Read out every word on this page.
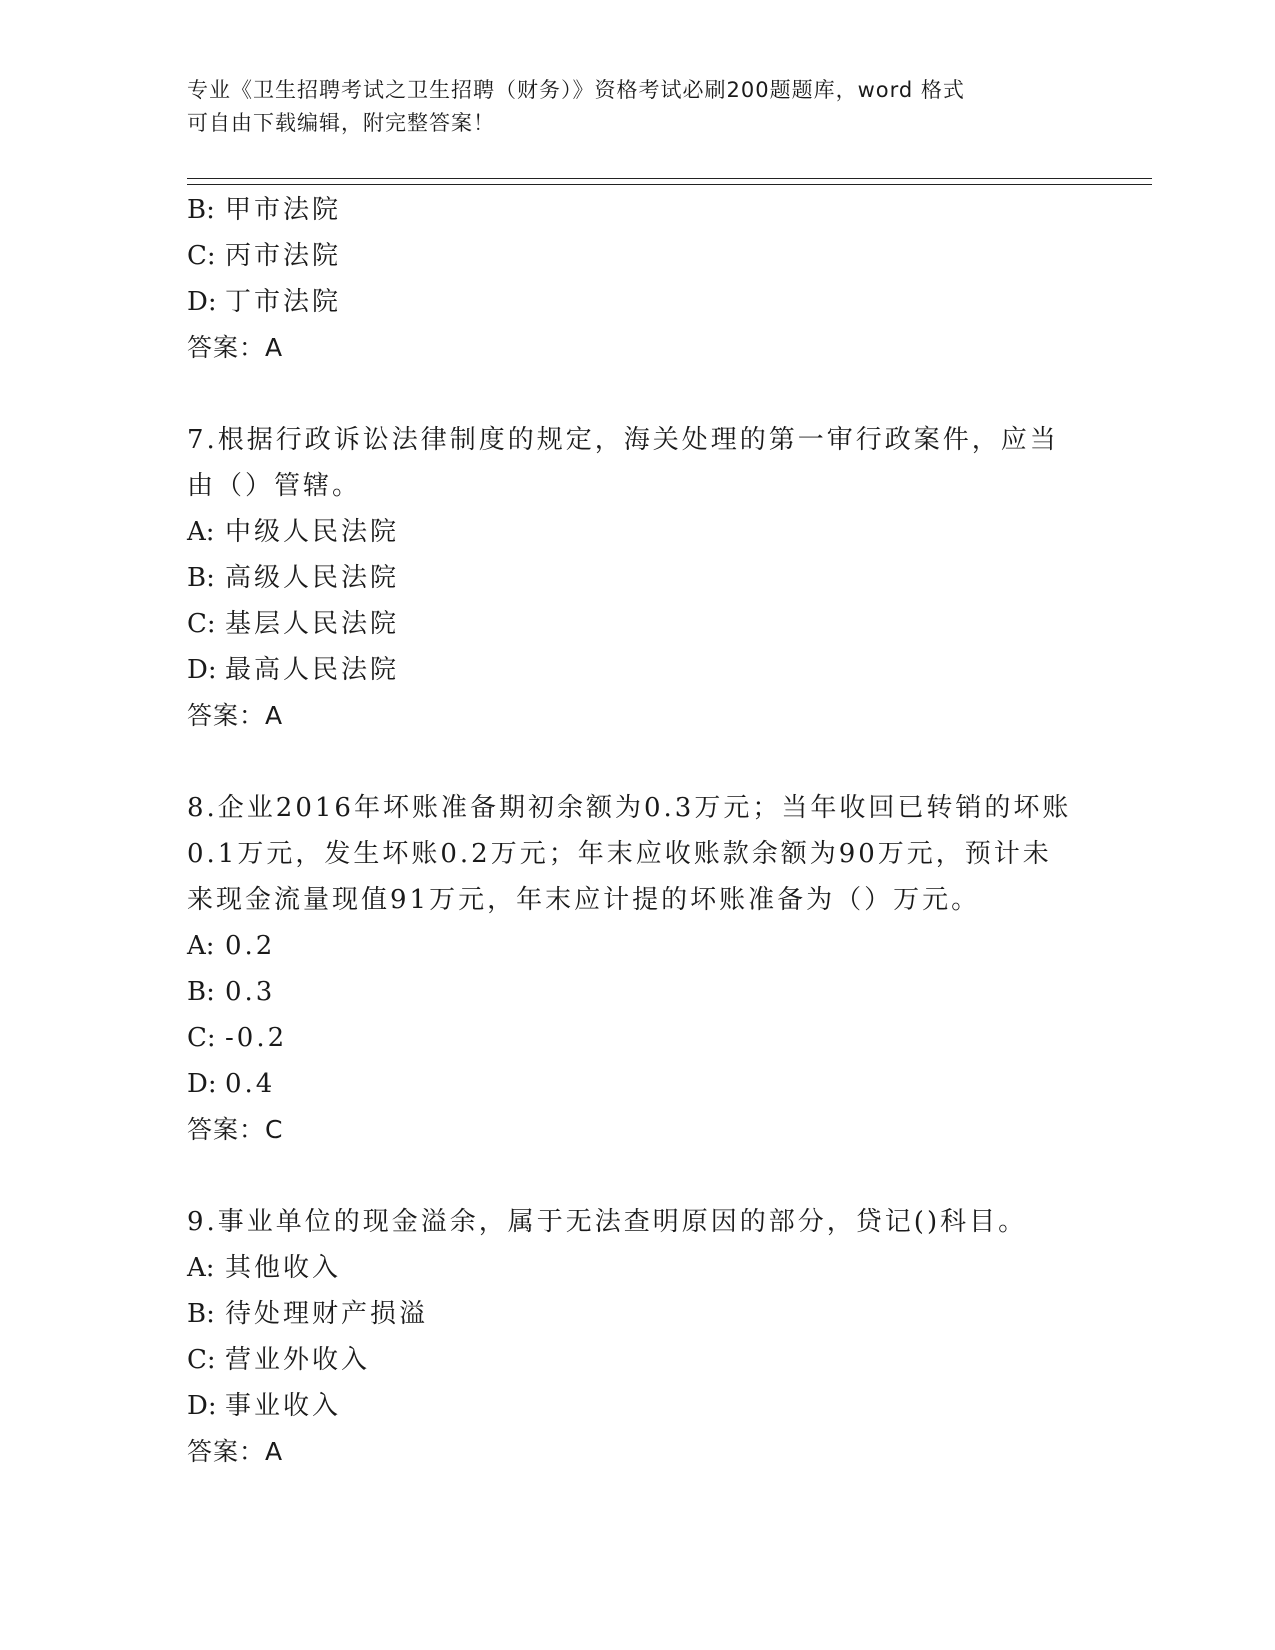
专业《卫生招聘考试之卫生招聘（财务）》资格考试必刷200题题库，word 格式
可自由下载编辑，附完整答案！
B: 甲市法院
C: 丙市法院
D: 丁市法院
答案：A
7.根据行政诉讼法律制度的规定，海关处理的第一审行政案件，应当
由（）管辖。
A: 中级人民法院
B: 高级人民法院
C: 基层人民法院
D: 最高人民法院
答案：A
8.企业2016年坏账准备期初余额为0.3万元；当年收回已转销的坏账
0.1万元，发生坏账0.2万元；年末应收账款余额为90万元，预计未
来现金流量现值91万元，年末应计提的坏账准备为（）万元。
A: 0.2
B: 0.3
C: -0.2
D: 0.4
答案：C
9.事业单位的现金溢余，属于无法查明原因的部分，贷记()科目。
A: 其他收入
B: 待处理财产损溢
C: 营业外收入
D: 事业收入
答案：A
